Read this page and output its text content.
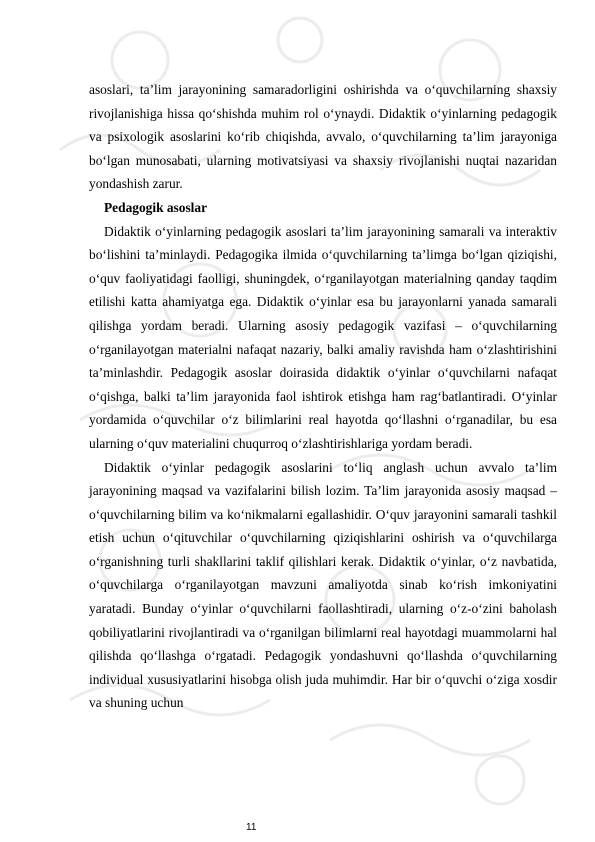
asoslari, ta’lim jarayonining samaradorligini oshirishda va o‘quvchilarning shaxsiy rivojlanishiga hissa qo‘shishda muhim rol o‘ynaydi. Didaktik o‘yinlarning pedagogik va psixologik asoslarini ko‘rib chiqishda, avvalo, o‘quvchilarning ta’lim jarayoniga bo‘lgan munosabati, ularning motivatsiyasi va shaxsiy rivojlanishi nuqtai nazaridan yondashish zarur.

Pedagogik asoslar

Didaktik o‘yinlarning pedagogik asoslari ta’lim jarayonining samarali va interaktiv bo‘lishini ta’minlaydi. Pedagogika ilmida o‘quvchilarning ta’limga bo‘lgan qiziqishi, o‘quv faoliyatidagi faolligi, shuningdek, o‘rganilayotgan materialning qanday taqdim etilishi katta ahamiyatga ega. Didaktik o‘yinlar esa bu jarayonlarni yanada samarali qilishga yordam beradi. Ularning asosiy pedagogik vazifasi – o‘quvchilarning o‘rganilayotgan materialni nafaqat nazariy, balki amaliy ravishda ham o‘zlashtirishini ta’minlashdir. Pedagogik asoslar doirasida didaktik o‘yinlar o‘quvchilarni nafaqat o‘qishga, balki ta’lim jarayonida faol ishtirok etishga ham rag‘batlantiradi. O‘yinlar yordamida o‘quvchilar o‘z bilimlarini real hayotda qo‘llashni o‘rganadilar, bu esa ularning o‘quv materialini chuqurroq o‘zlashtirishlariga yordam beradi.

Didaktik o‘yinlar pedagogik asoslarini to‘liq anglash uchun avvalo ta’lim jarayonining maqsad va vazifalarini bilish lozim. Ta’lim jarayonida asosiy maqsad – o‘quvchilarning bilim va ko‘nikmalarni egallashidir. O‘quv jarayonini samarali tashkil etish uchun o‘qituvchilar o‘quvchilarning qiziqishlarini oshirish va o‘quvchilarga o‘rganishning turli shakllarini taklif qilishlari kerak. Didaktik o‘yinlar, o‘z navbatida, o‘quvchilarga o‘rganilayotgan mavzuni amaliyotda sinab ko‘rish imkoniyatini yaratadi. Bunday o‘yinlar o‘quvchilarni faollashtiradi, ularning o‘z-o‘zini baholash qobiliyatlarini rivojlantiradi va o‘rganilgan bilimlarni real hayotdagi muammolarni hal qilishda qo‘llashga o‘rgatadi. Pedagogik yondashuvni qo‘llashda o‘quvchilarning individual xususiyatlarini hisobga olish juda muhimdir. Har bir o‘quvchi o‘ziga xosdir va shuning uchun

11
